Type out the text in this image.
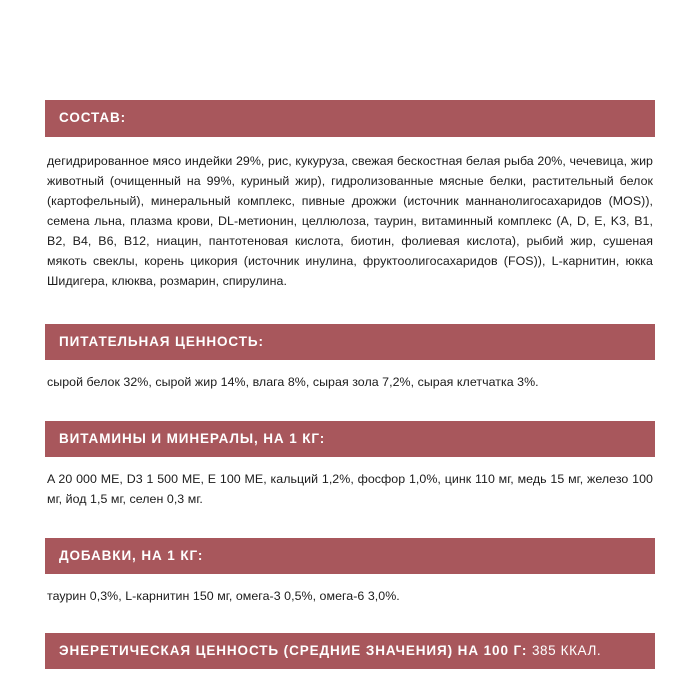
СОСТАВ:
дегидрированное мясо индейки 29%, рис, кукуруза, свежая бескостная белая рыба 20%, чечевица, жир животный (очищенный на 99%, куриный жир), гидролизованные мясные белки, растительный белок (картофельный), минеральный комплекс, пивные дрожжи (источник маннанолигосахаридов (MOS)), семена льна, плазма крови, DL-метионин, целлюлоза, таурин, витаминный комплекс (A, D, E, K3, B1, B2, B4, B6, B12, ниацин, пантотеновая кислота, биотин, фолиевая кислота), рыбий жир, сушеная мякоть свеклы, корень цикория (источник инулина, фруктоолигосахаридов (FOS)), L-карнитин, юкка Шидигера, клюква, розмарин, спирулина.
ПИТАТЕЛЬНАЯ ЦЕННОСТЬ:
сырой белок 32%, сырой жир 14%, влага 8%, сырая зола 7,2%, сырая клетчатка 3%.
ВИТАМИНЫ И МИНЕРАЛЫ, НА 1 КГ:
A 20 000 МЕ, D3 1 500 МЕ, E 100 МЕ, кальций 1,2%, фосфор 1,0%, цинк 110 мг, медь 15 мг, железо 100 мг, йод 1,5 мг, селен 0,3 мг.
ДОБАВКИ, НА 1 КГ:
таурин 0,3%, L-карнитин 150 мг, омега-3 0,5%, омега-6 3,0%.
ЭНЕРЕТИЧЕСКАЯ ЦЕННОСТЬ (СРЕДНИЕ ЗНАЧЕНИЯ) НА 100 Г: 385 ККАЛ.
